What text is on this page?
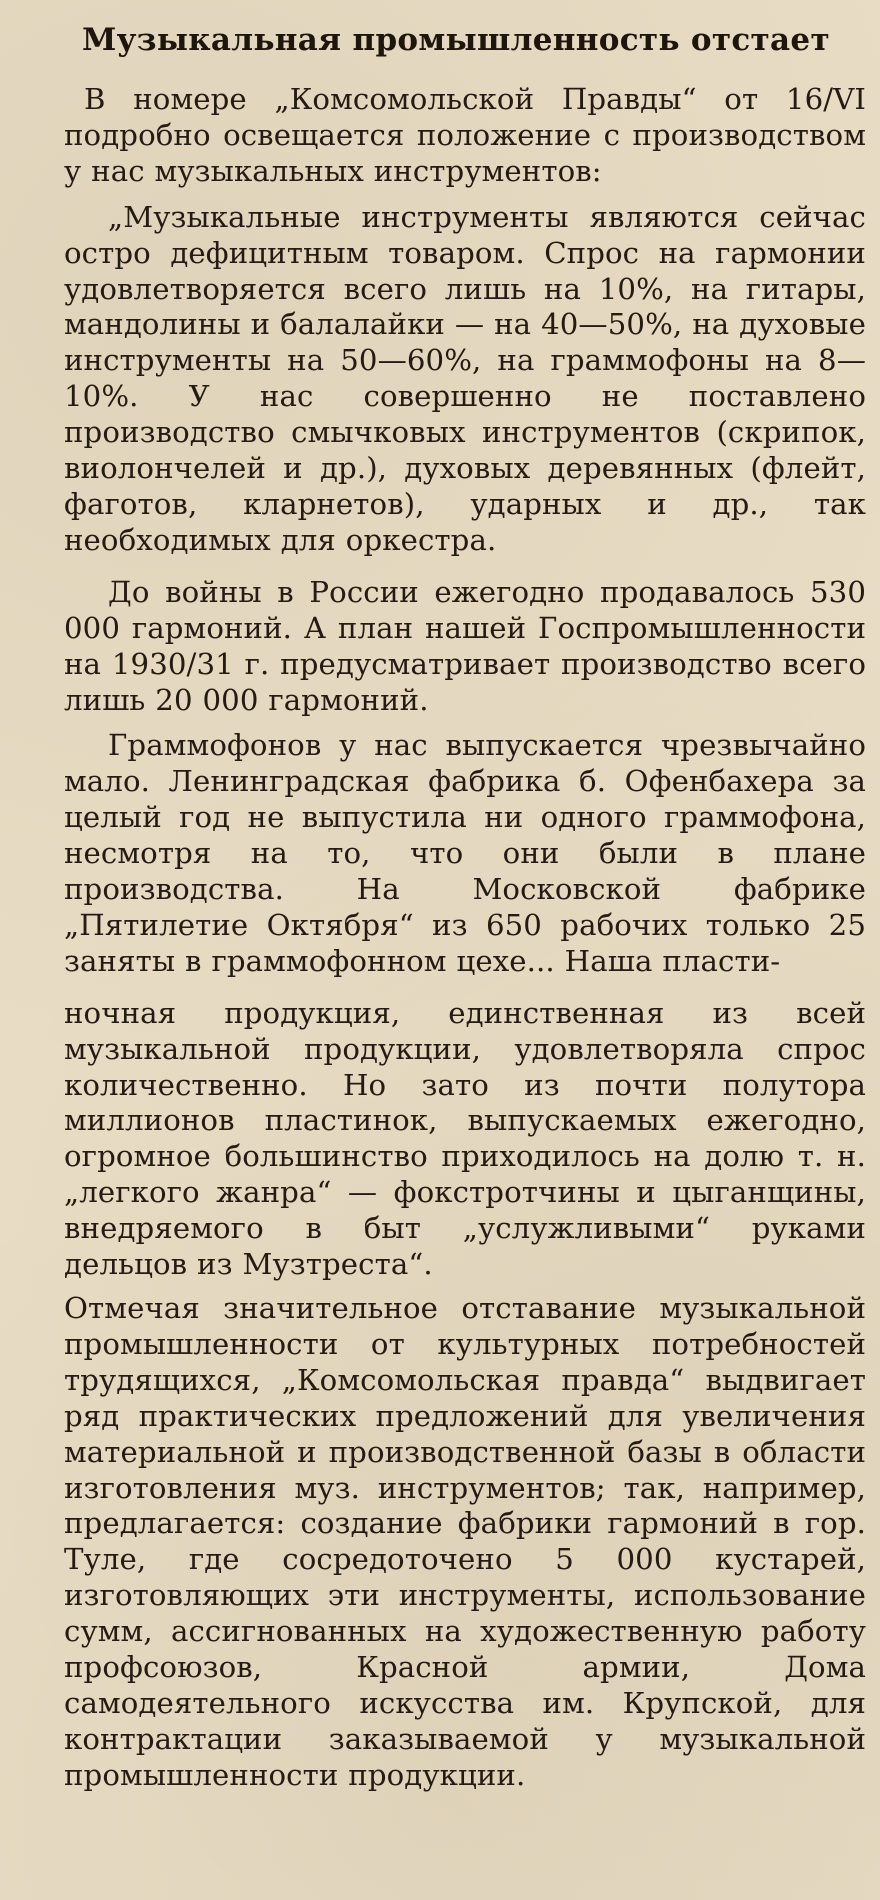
Музыкальная промышленность отстает

В номере „Комсомольской Правды“ от 16/VI подробно освещается положение с производством у нас музыкальных инструментов:

„Музыкальные инструменты являются сейчас остро дефицитным товаром. Спрос на гармонии удовлетворяется всего лишь на 10%, на гитары, мандолины и балалайки — на 40—50%, на духовые инструменты на 50—60%, на граммофоны на 8—10%. У нас совершенно не поставлено производство смычковых инструментов (скрипок, виолончелей и др.), духовых деревянных (флейт, фаготов, кларнетов), ударных и др., так необходимых для оркестра.

До войны в России ежегодно продавалось 530 000 гармоний. А план нашей Госпромышленности на 1930/31 г. предусматривает производство всего лишь 20 000 гармоний.

Граммофонов у нас выпускается чрезвычайно мало. Ленинградская фабрика б. Офенбахера за целый год не выпустила ни одного граммофона, несмотря на то, что они были в плане производства. На Московской фабрике „Пятилетие Октября“ из 650 рабочих только 25 заняты в граммофонном цехе... Наша пласти-

ночная продукция, единственная из всей музыкальной продукции, удовлетворяла спрос количественно. Но зато из почти полутора миллионов пластинок, выпускаемых ежегодно, огромное большинство приходилось на долю т. н. „легкого жанра“ — фокстротчины и цыганщины, внедряемого в быт „услужливыми“ руками дельцов из Музтреста“.

Отмечая значительное отставание музыкальной промышленности от культурных потребностей трудящихся, „Комсомольская правда“ выдвигает ряд практических предложений для увеличения материальной и производственной базы в области изготовления муз. инструментов; так, например, предлагается: создание фабрики гармоний в гор. Туле, где сосредоточено 5 000 кустарей, изготовляющих эти инструменты, использование сумм, ассигнованных на художественную работу профсоюзов, Красной армии, Дома самодеятельного искусства им. Крупской, для контрактации заказываемой у музыкальной промышленности продукции.
